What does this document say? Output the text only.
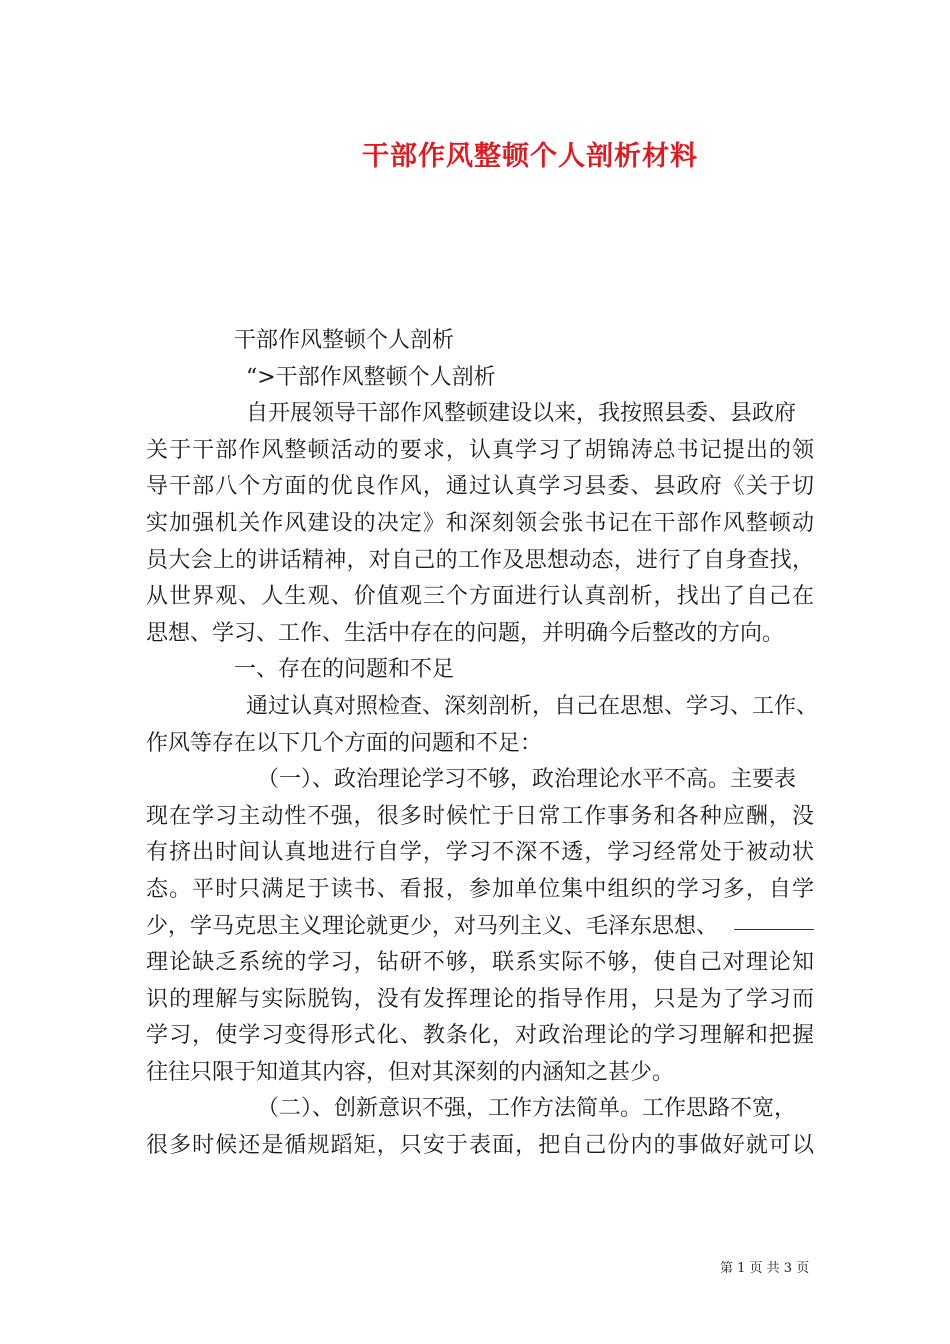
干部作风整顿个人剖析材料
干部作风整顿个人剖析
“>干部作风整顿个人剖析
自开展领导干部作风整顿建设以来，我按照县委、县政府
关于干部作风整顿活动的要求，认真学习了胡锦涛总书记提出的领
导干部八个方面的优良作风，通过认真学习县委、县政府《关于切
实加强机关作风建设的决定》和深刻领会张书记在干部作风整顿动
员大会上的讲话精神，对自己的工作及思想动态，进行了自身查找，
从世界观、人生观、价值观三个方面进行认真剖析，找出了自己在
思想、学习、工作、生活中存在的问题，并明确今后整改的方向。
一、存在的问题和不足
通过认真对照检查、深刻剖析，自己在思想、学习、工作、
作风等存在以下几个方面的问题和不足：
（一）、政治理论学习不够，政治理论水平不高。主要表
现在学习主动性不强，很多时候忙于日常工作事务和各种应酬，没
有挤出时间认真地进行自学，学习不深不透，学习经常处于被动状
态。平时只满足于读书、看报，参加单位集中组织的学习多，自学
少，学马克思主义理论就更少，对马列主义、毛泽东思想、
理论缺乏系统的学习，钻研不够，联系实际不够，使自己对理论知
识的理解与实际脱钩，没有发挥理论的指导作用，只是为了学习而
学习，使学习变得形式化、教条化，对政治理论的学习理解和把握
往往只限于知道其内容，但对其深刻的内涵知之甚少。
（二）、创新意识不强，工作方法简单。工作思路不宽，
很多时候还是循规蹈矩，只安于表面，把自己份内的事做好就可以
第 1 页 共 3 页
